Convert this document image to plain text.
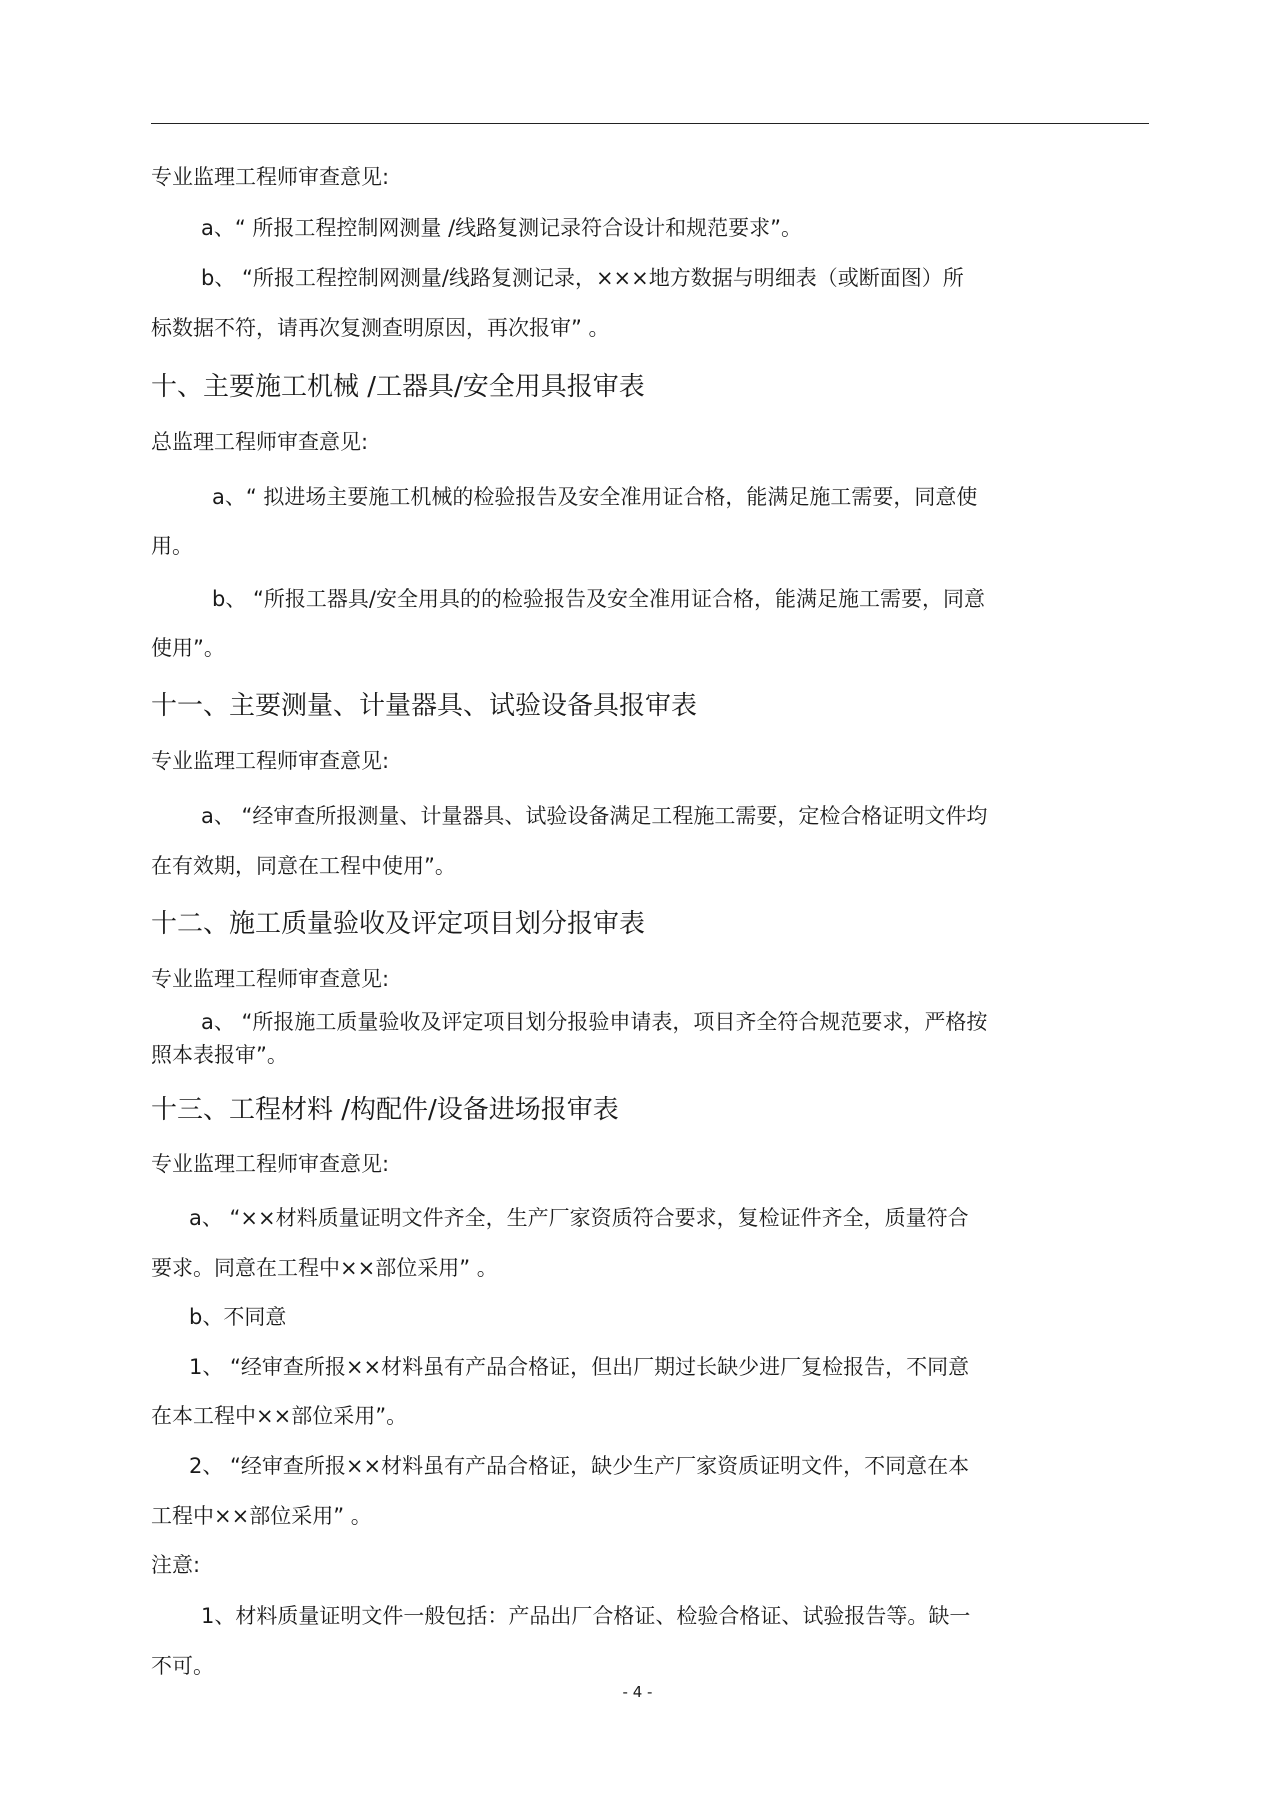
专业监理工程师审查意见:
a、“ 所报工程控制网测量 /线路复测记录符合设计和规范要求”。
b、 “所报工程控制网测量/线路复测记录，×××地方数据与明细表（或断面图）所
标数据不符，请再次复测查明原因，再次报审” 。
十、主要施工机械 /工器具/安全用具报审表
总监理工程师审查意见:
a、“ 拟进场主要施工机械的检验报告及安全准用证合格，能满足施工需要，同意使
用。
b、 “所报工器具/安全用具的的检验报告及安全准用证合格，能满足施工需要，同意
使用”。
十一、主要测量、计量器具、试验设备具报审表
专业监理工程师审查意见:
a、 “经审查所报测量、计量器具、试验设备满足工程施工需要，定检合格证明文件均
在有效期，同意在工程中使用”。
十二、施工质量验收及评定项目划分报审表
专业监理工程师审查意见:
a、 “所报施工质量验收及评定项目划分报验申请表，项目齐全符合规范要求，严格按
照本表报审”。
十三、工程材料 /构配件/设备进场报审表
专业监理工程师审查意见:
a、 “××材料质量证明文件齐全，生产厂家资质符合要求，复检证件齐全，质量符合
要求。同意在工程中××部位采用” 。
b、不同意
1、 “经审查所报××材料虽有产品合格证，但出厂期过长缺少进厂复检报告，不同意
在本工程中××部位采用”。
2、 “经审查所报××材料虽有产品合格证，缺少生产厂家资质证明文件，不同意在本
工程中××部位采用” 。
注意:
1、材料质量证明文件一般包括：产品出厂合格证、检验合格证、试验报告等。缺一
不可。
- 4 -
